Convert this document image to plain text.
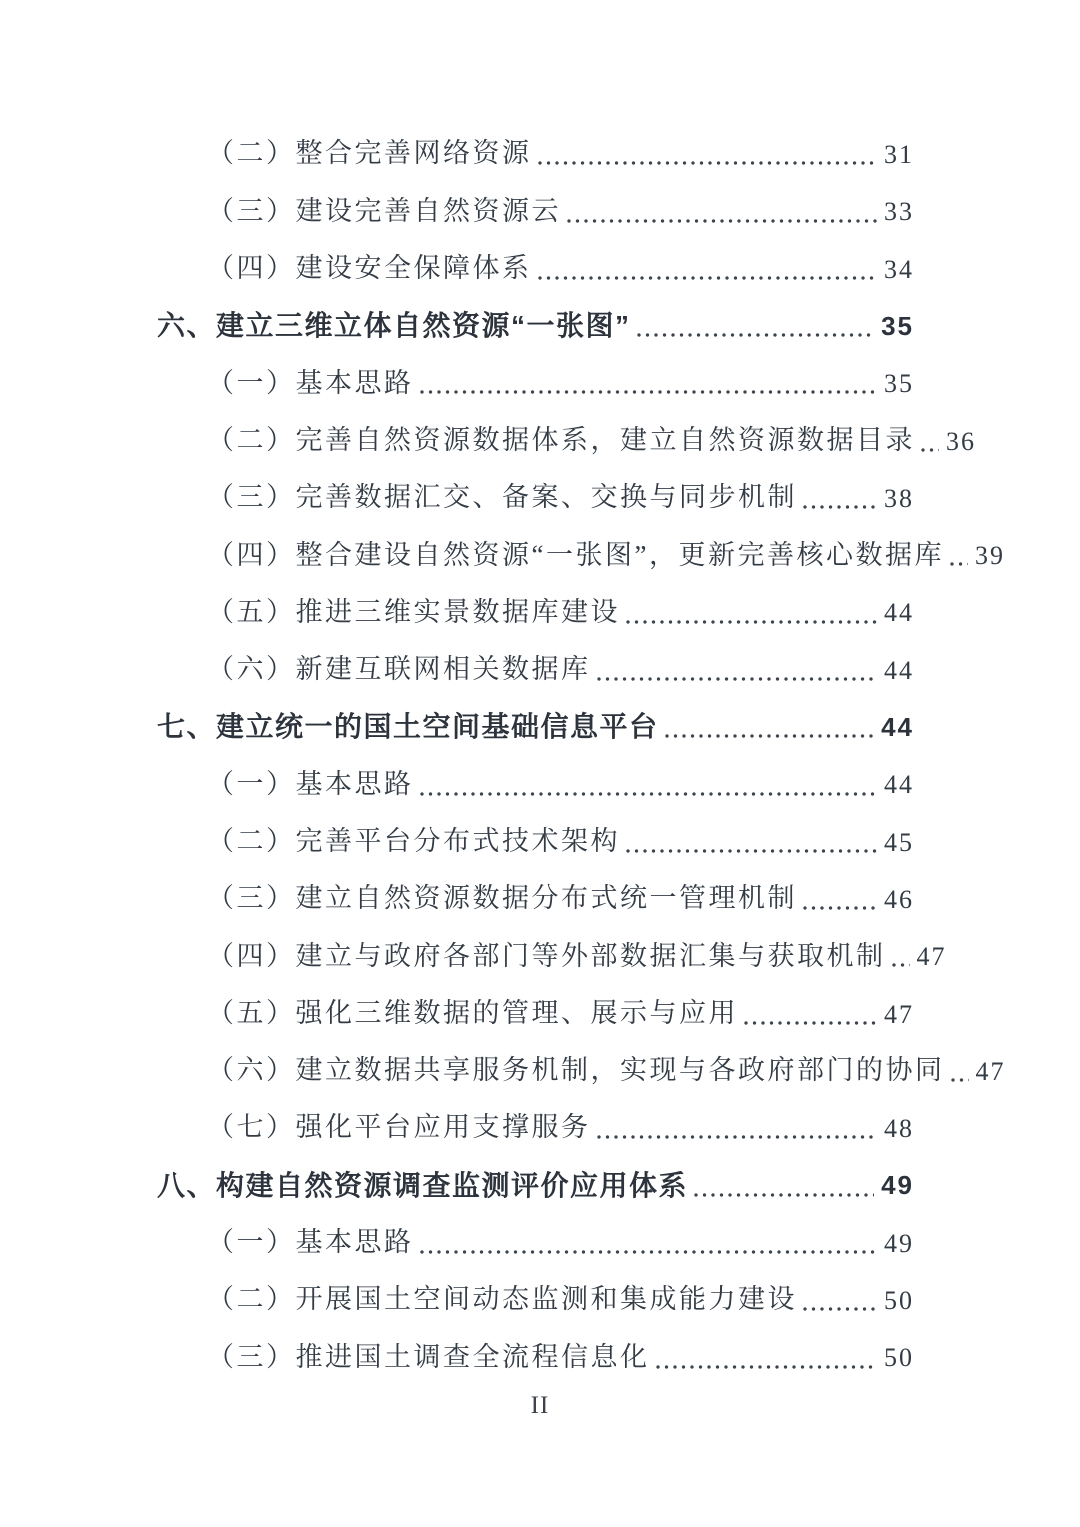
（二）整合完善网络资源	31
（三）建设完善自然资源云	33
（四）建设安全保障体系	34
六、建立三维立体自然资源“一张图”	35
（一）基本思路	35
（二）完善自然资源数据体系，建立自然资源数据目录 36
（三）完善数据汇交、备案、交换与同步机制	38
（四）整合建设自然资源“一张图”，更新完善核心数据库 39
（五）推进三维实景数据库建设	44
（六）新建互联网相关数据库	44
七、建立统一的国土空间基础信息平台	44
（一）基本思路	44
（二）完善平台分布式技术架构	45
（三）建立自然资源数据分布式统一管理机制	46
（四）建立与政府各部门等外部数据汇集与获取机制 47
（五）强化三维数据的管理、展示与应用	47
（六）建立数据共享服务机制，实现与各政府部门的协同 47
（七）强化平台应用支撑服务	48
八、构建自然资源调查监测评价应用体系	49
（一）基本思路	49
（二）开展国土空间动态监测和集成能力建设	50
（三）推进国土调查全流程信息化	50
II
